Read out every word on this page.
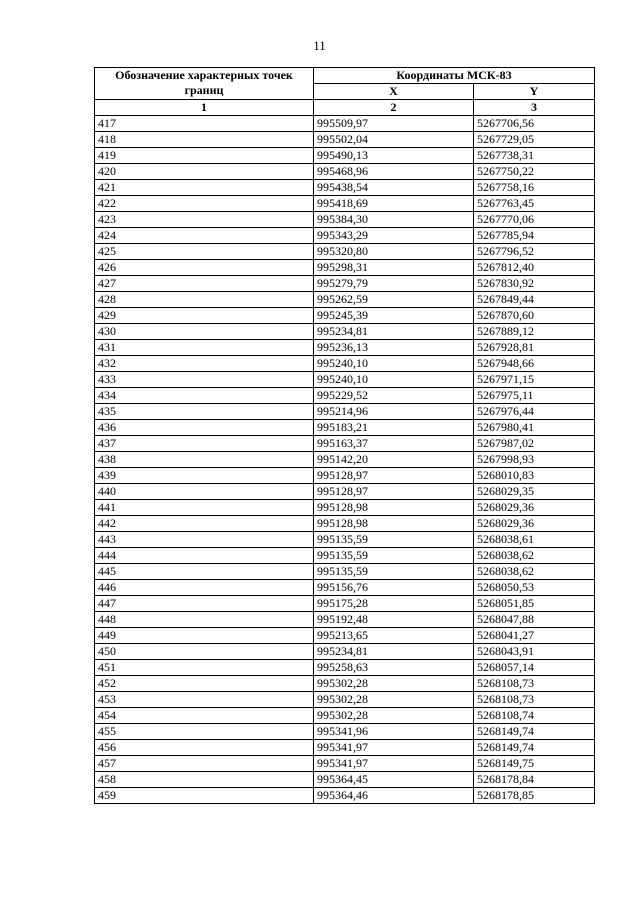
11
Обозначение характерных точек
границ	Координаты МСК-83	
	X	Y
1	2	3
417	995509,97	5267706,56
418	995502,04	5267729,05
419	995490,13	5267738,31
420	995468,96	5267750,22
421	995438,54	5267758,16
422	995418,69	5267763,45
423	995384,30	5267770,06
424	995343,29	5267785,94
425	995320,80	5267796,52
426	995298,31	5267812,40
427	995279,79	5267830,92
428	995262,59	5267849,44
429	995245,39	5267870,60
430	995234,81	5267889,12
431	995236,13	5267928,81
432	995240,10	5267948,66
433	995240,10	5267971,15
434	995229,52	5267975,11
435	995214,96	5267976,44
436	995183,21	5267980,41
437	995163,37	5267987,02
438	995142,20	5267998,93
439	995128,97	5268010,83
440	995128,97	5268029,35
441	995128,98	5268029,36
442	995128,98	5268029,36
443	995135,59	5268038,61
444	995135,59	5268038,62
445	995135,59	5268038,62
446	995156,76	5268050,53
447	995175,28	5268051,85
448	995192,48	5268047,88
449	995213,65	5268041,27
450	995234,81	5268043,91
451	995258,63	5268057,14
452	995302,28	5268108,73
453	995302,28	5268108,73
454	995302,28	5268108,74
455	995341,96	5268149,74
456	995341,97	5268149,74
457	995341,97	5268149,75
458	995364,45	5268178,84
459	995364,46	5268178,85
